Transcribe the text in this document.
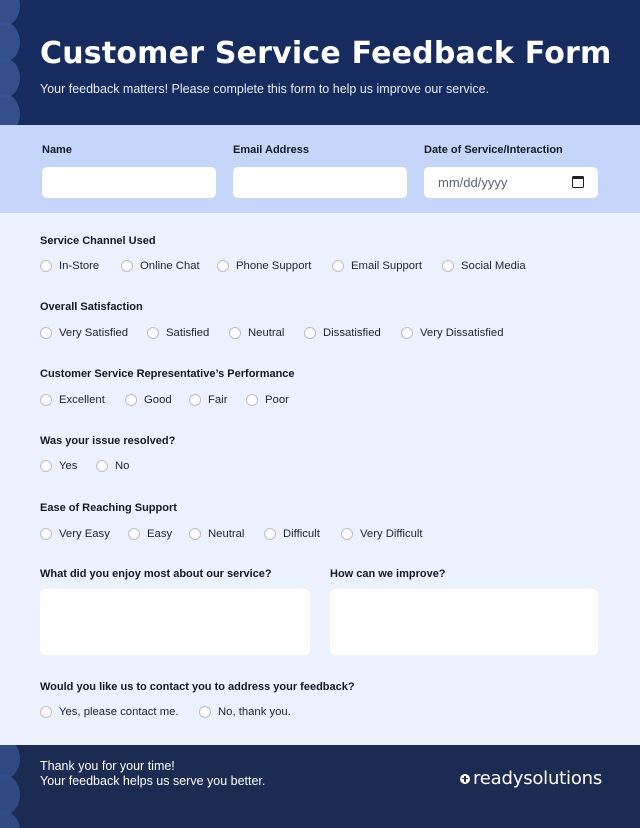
Customer Service Feedback Form

Your feedback matters! Please complete this form to help us improve our service.

Name	Email Address	Date of Service/Interaction
mm/dd/yyyy
Service Channel Used
In-Store	Online Chat	Phone Support	Email Support	Social Media
Overall Satisfaction
Very Satisfied	Satisfied	Neutral	Dissatisfied	Very Dissatisfied
Customer Service Representative’s Performance
Excellent	Good	Fair	Poor
Was your issue resolved?
Yes	No
Ease of Reaching Support
Very Easy	Easy	Neutral	Difficult	Very Difficult
What did you enjoy most about our service?	How can we improve?
Would you like us to contact you to address your feedback?
Yes, please contact me.	No, thank you.
Thank you for your time!
Your feedback helps us serve you better.	readysolutions
